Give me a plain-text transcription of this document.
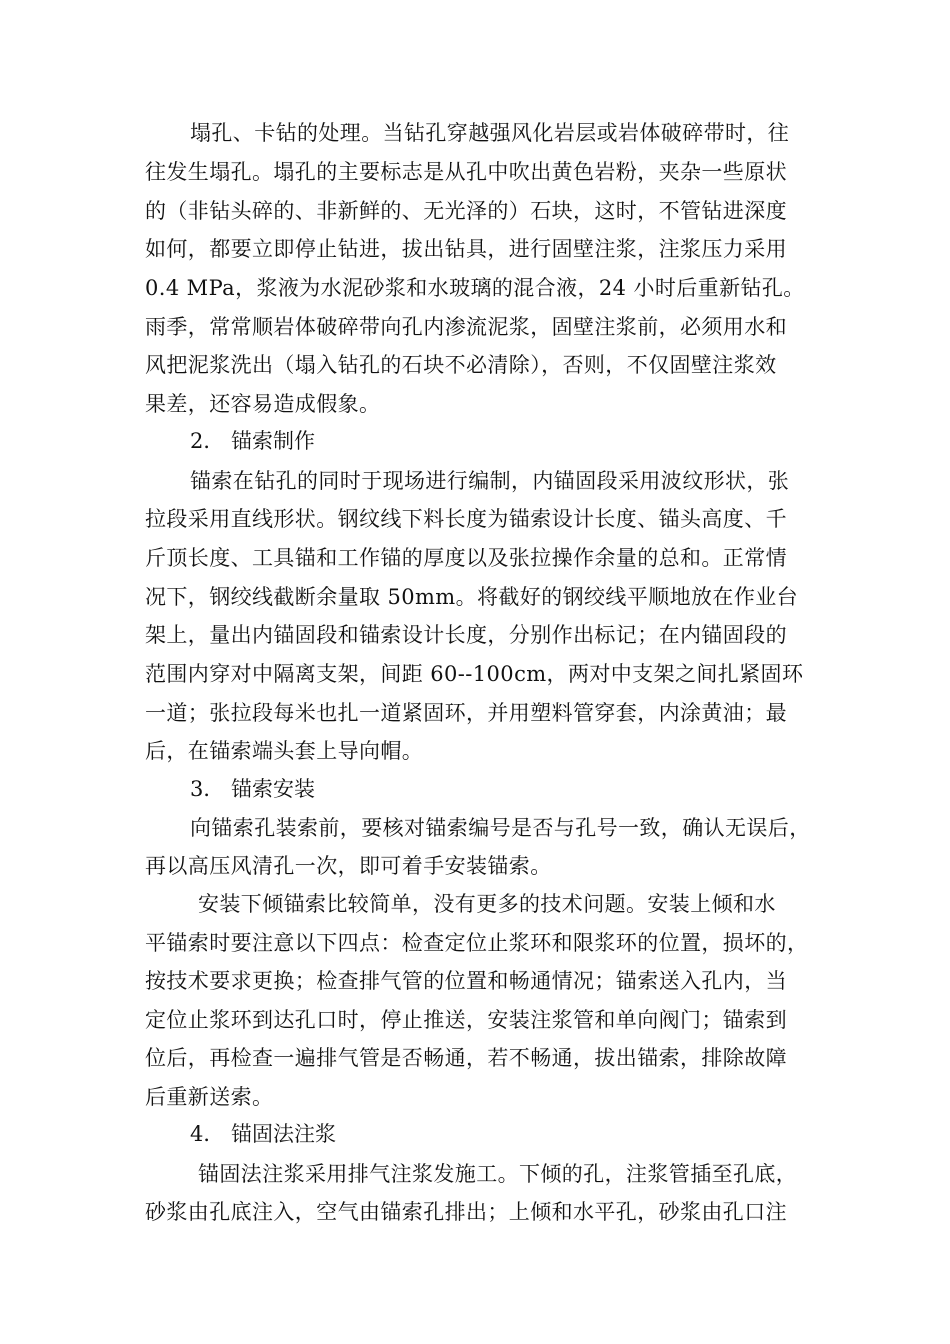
塌孔、卡钻的处理。当钻孔穿越强风化岩层或岩体破碎带时，往
往发生塌孔。塌孔的主要标志是从孔中吹出黄色岩粉，夹杂一些原状
的（非钻头碎的、非新鲜的、无光泽的）石块，这时，不管钻进深度
如何，都要立即停止钻进，拔出钻具，进行固壁注浆，注浆压力采用
0.4 MPa，浆液为水泥砂浆和水玻璃的混合液，24 小时后重新钻孔。
雨季，常常顺岩体破碎带向孔内渗流泥浆，固壁注浆前，必须用水和
风把泥浆洗出（塌入钻孔的石块不必清除），否则，不仅固壁注浆效
果差，还容易造成假象。
2． 锚索制作
锚索在钻孔的同时于现场进行编制，内锚固段采用波纹形状，张
拉段采用直线形状。钢纹线下料长度为锚索设计长度、锚头高度、千
斤顶长度、工具锚和工作锚的厚度以及张拉操作余量的总和。正常情
况下，钢绞线截断余量取 50mm。将截好的钢绞线平顺地放在作业台
架上，量出内锚固段和锚索设计长度，分别作出标记；在内锚固段的
范围内穿对中隔离支架，间距 60--100cm，两对中支架之间扎紧固环
一道；张拉段每米也扎一道紧固环，并用塑料管穿套，内涂黄油；最
后，在锚索端头套上导向帽。
3． 锚索安装
向锚索孔装索前，要核对锚索编号是否与孔号一致，确认无误后，
再以高压风清孔一次，即可着手安装锚索。
安装下倾锚索比较简单，没有更多的技术问题。安装上倾和水
平锚索时要注意以下四点：检查定位止浆环和限浆环的位置，损坏的，
按技术要求更换；检查排气管的位置和畅通情况；锚索送入孔内，当
定位止浆环到达孔口时，停止推送，安装注浆管和单向阀门；锚索到
位后，再检查一遍排气管是否畅通，若不畅通，拔出锚索，排除故障
后重新送索。
4． 锚固法注浆
锚固法注浆采用排气注浆发施工。下倾的孔，注浆管插至孔底，
砂浆由孔底注入，空气由锚索孔排出；上倾和水平孔，砂浆由孔口注
